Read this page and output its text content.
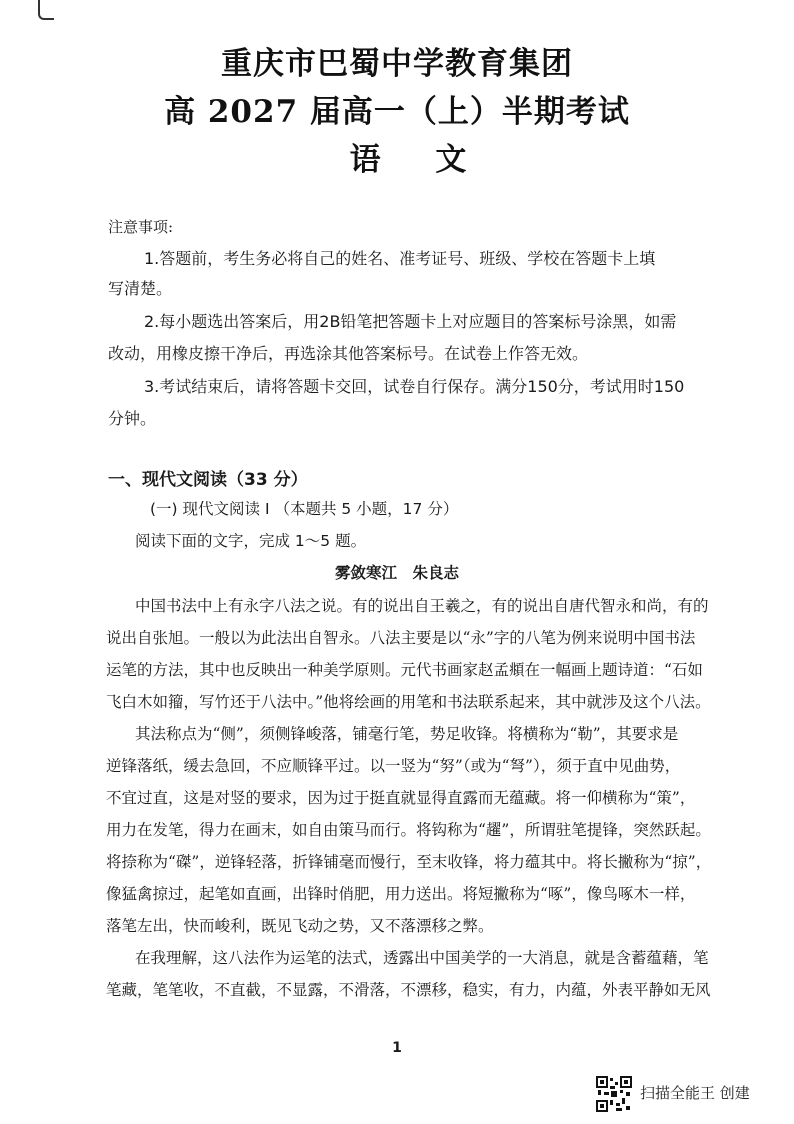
重庆市巴蜀中学教育集团
高 2027 届高一（上）半期考试
语 文
注意事项:
1.答题前，考生务必将自己的姓名、准考证号、班级、学校在答题卡上填
写清楚。
2.每小题选出答案后，用2B铅笔把答题卡上对应题目的答案标号涂黑，如需
改动，用橡皮擦干净后，再选涂其他答案标号。在试卷上作答无效。
3.考试结束后，请将答题卡交回，试卷自行保存。满分150分，考试用时150
分钟。
一、现代文阅读（33 分）
(一) 现代文阅读 I （本题共 5 小题，17 分）
阅读下面的文字，完成 1～5 题。
雾敛寒江　朱良志
中国书法中上有永字八法之说。有的说出自王羲之，有的说出自唐代智永和尚，有的
说出自张旭。一般以为此法出自智永。八法主要是以“永”字的八笔为例来说明中国书法
运笔的方法，其中也反映出一种美学原则。元代书画家赵孟頫在一幅画上题诗道：“石如
飞白木如籀，写竹还于八法中。”他将绘画的用笔和书法联系起来，其中就涉及这个八法。
其法称点为“侧”，须侧锋峻落，铺毫行笔，势足收锋。将横称为“勒”，其要求是
逆锋落纸，缓去急回，不应顺锋平过。以一竖为“努”（或为“弩”），须于直中见曲势，
不宜过直，这是对竖的要求，因为过于挺直就显得直露而无蕴藏。将一仰横称为“策”，
用力在发笔，得力在画末，如自由策马而行。将钩称为“趯”，所谓驻笔提锋，突然跃起。
将捺称为“磔”，逆锋轻落，折锋铺毫而慢行，至末收锋，将力蕴其中。将长撇称为“掠”，
像猛禽掠过，起笔如直画，出锋时俏肥，用力送出。将短撇称为“啄”，像鸟啄木一样，
落笔左出，快而峻利，既见飞动之势，又不落漂移之弊。
在我理解，这八法作为运笔的法式，透露出中国美学的一大消息，就是含蓄蕴藉，笔
笔藏，笔笔收，不直截，不显露，不滑落，不漂移，稳实，有力，内蕴，外表平静如无风
1
扫描全能王 创建
